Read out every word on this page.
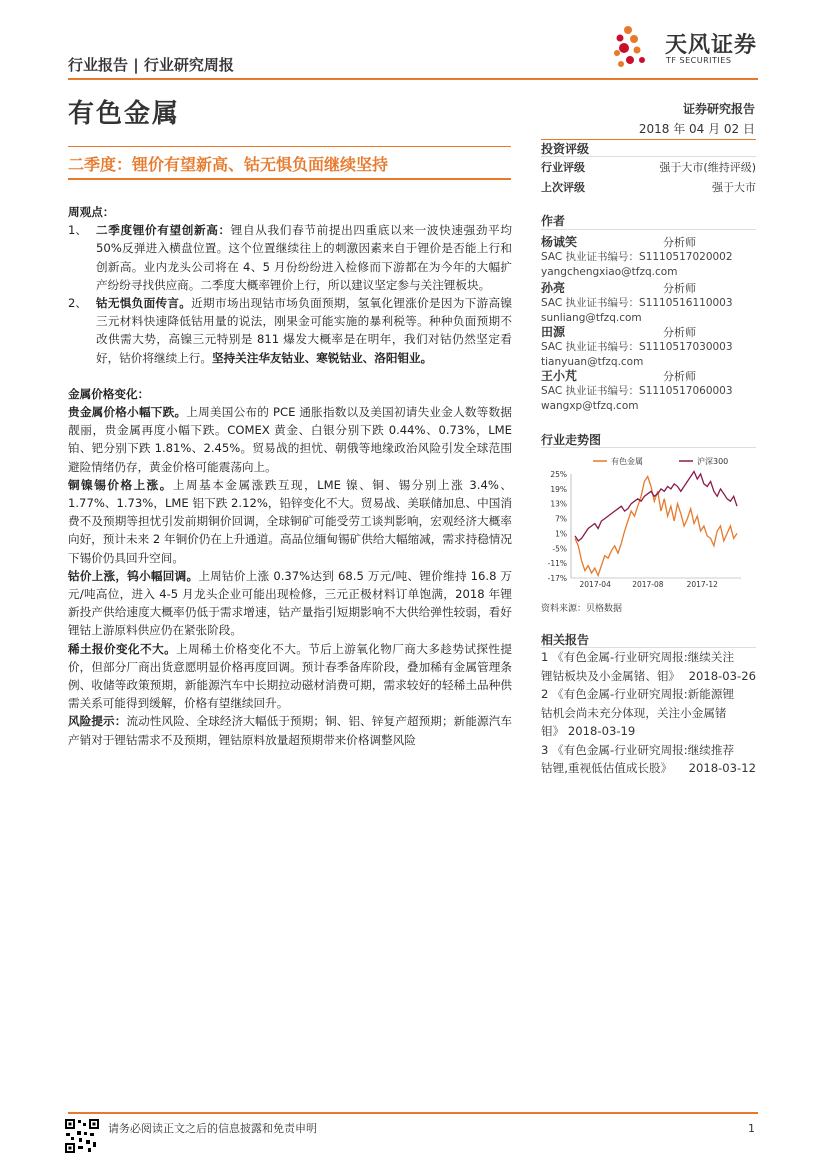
行业报告 | 行业研究周报
天风证券
TF SECURITIES
有色金属	证券研究报告
2018 年 04 月 02 日
二季度：锂价有望新高、钴无惧负面继续坚持

周观点：

1、 二季度锂价有望创新高：锂自从我们春节前提出四重底以来一波快速强劲平均 50%反弹进入横盘位置。这个位置继续往上的刺激因素来自于锂价是否能上行和创新高。业内龙头公司将在 4、5 月份纷纷进入检修而下游都在为今年的大幅扩产纷纷寻找供应商。二季度大概率锂价上行，所以建议坚定参与关注锂板块。

2、 钴无惧负面传言。近期市场出现钴市场负面预期，氢氧化锂涨价是因为下游高镍三元材料快速降低钴用量的说法，刚果金可能实施的暴利税等。种种负面预期不改供需大势，高镍三元特别是 811 爆发大概率是在明年，我们对钴仍然坚定看好，钴价将继续上行。坚持关注华友钴业、寒锐钴业、洛阳钼业。

金属价格变化：

贵金属价格小幅下跌。上周美国公布的 PCE 通胀指数以及美国初请失业金人数等数据靓丽，贵金属再度小幅下跌。COMEX 黄金、白银分别下跌 0.44%、0.73%，LME 铂、钯分别下跌 1.81%、2.45%。贸易战的担忧、朝俄等地缘政治风险引发全球范围避险情绪仍存，黄金价格可能震荡向上。

铜镍锡价格上涨。上周基本金属涨跌互现，LME 镍、铜、锡分别上涨 3.4%、1.77%、1.73%，LME 铝下跌 2.12%，铅锌变化不大。贸易战、美联储加息、中国消费不及预期等担忧引发前期铜价回调，全球铜矿可能受劳工谈判影响，宏观经济大概率向好，预计未来 2 年铜价仍在上升通道。高品位缅甸锡矿供给大幅缩减，需求持稳情况下锡价仍具回升空间。

钴价上涨，钨小幅回调。上周钴价上涨 0.37%达到 68.5 万元/吨、锂价维持 16.8 万元/吨高位，进入 4-5 月龙头企业可能出现检修，三元正极材料订单饱满，2018 年锂新投产供给速度大概率仍低于需求增速，钴产量指引短期影响不大供给弹性较弱，看好锂钴上游原料供应仍在紧张阶段。

稀土报价变化不大。上周稀土价格变化不大。节后上游氧化物厂商大多趁势试探性提价，但部分厂商出货意愿明显价格再度回调。预计春季备库阶段，叠加稀有金属管理条例、收储等政策预期，新能源汽车中长期拉动磁材消费可期，需求较好的轻稀土品种供需关系可能得到缓解，价格有望继续回升。

风险提示：流动性风险、全球经济大幅低于预期；铜、铝、锌复产超预期；新能源汽车产销对于锂钴需求不及预期，锂钴原料放量超预期带来价格调整风险

投资评级
行业评级	强于大市(维持评级)
上次评级	强于大市
作者
杨诚笑	分析师
SAC 执业证书编号：S1110517020002
yangchengxiao@tfzq.com
孙亮	分析师
SAC 执业证书编号：S1110516110003
sunliang@tfzq.com
田源	分析师
SAC 执业证书编号：S1110517030003
tianyuan@tfzq.com
王小芃	分析师
SAC 执业证书编号：S1110517060003
wangxp@tfzq.com
行业走势图
25%
19%
13%
7%
1%
-5%
-11%
-17%
2017-04	2017-08	2017-12
有色金属	沪深300
资料来源：贝格数据
相关报告
1 《有色金属-行业研究周报:继续关注
锂钴板块及小金属锗、钼》 2018-03-26
2 《有色金属-行业研究周报:新能源锂
钴机会尚未充分体现，关注小金属锗
钼》 2018-03-19
3 《有色金属-行业研究周报:继续推荐
钴锂,重视低估值成长股》 2018-03-12
请务必阅读正文之后的信息披露和免责申明	1
